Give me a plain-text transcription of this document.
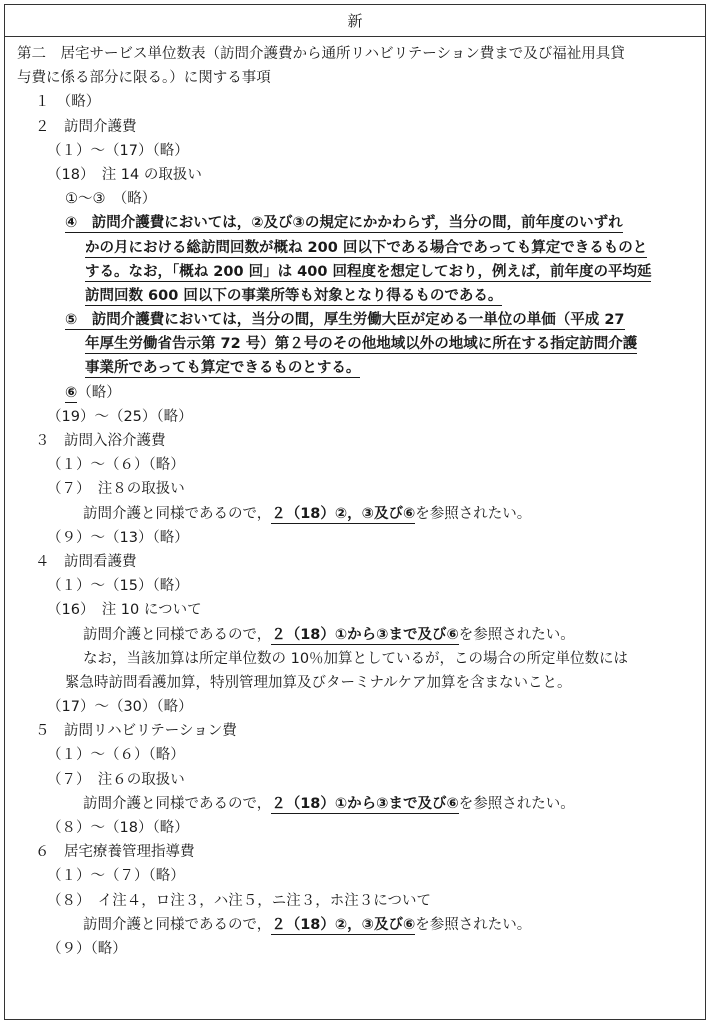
新
第二　居宅サービス単位数表（訪問介護費から通所リハビリテーション費まで及び福祉用具貸
与費に係る部分に限る。）に関する事項
１　（略）
２　訪問介護費
（１）～（17）（略）
（18）　注 14 の取扱い
①～③　（略）
④　訪問介護費においては，②及び③の規定にかかわらず，当分の間，前年度のいずれ
かの月における総訪問回数が概ね 200 回以下である場合であっても算定できるものと
する。なお，「概ね 200 回」は 400 回程度を想定しており，例えば，前年度の平均延
訪問回数 600 回以下の事業所等も対象となり得るものである。
⑤　訪問介護費においては，当分の間，厚生労働大臣が定める一単位の単価（平成 27
年厚生労働省告示第 72 号）第２号のその他地域以外の地域に所在する指定訪問介護
事業所であっても算定できるものとする。
⑥（略）
（19）～（25）（略）
３　訪問入浴介護費
（１）～（６）（略）
（７）　注８の取扱い
訪問介護と同様であるので，２（18）②，③及び⑥を参照されたい。
（９）～（13）（略）
４　訪問看護費
（１）～（15）（略）
（16）　注 10 について
訪問介護と同様であるので，２（18）①から③まで及び⑥を参照されたい。
なお，当該加算は所定単位数の 10％加算としているが，この場合の所定単位数には
緊急時訪問看護加算，特別管理加算及びターミナルケア加算を含まないこと。
（17）～（30）（略）
５　訪問リハビリテーション費
（１）～（６）（略）
（７）　注６の取扱い
訪問介護と同様であるので，２（18）①から③まで及び⑥を参照されたい。
（８）～（18）（略）
６　居宅療養管理指導費
（１）～（７）（略）
（８）　イ注４，ロ注３，ハ注５，ニ注３，ホ注３について
訪問介護と同様であるので，２（18）②，③及び⑥を参照されたい。
（９）（略）
